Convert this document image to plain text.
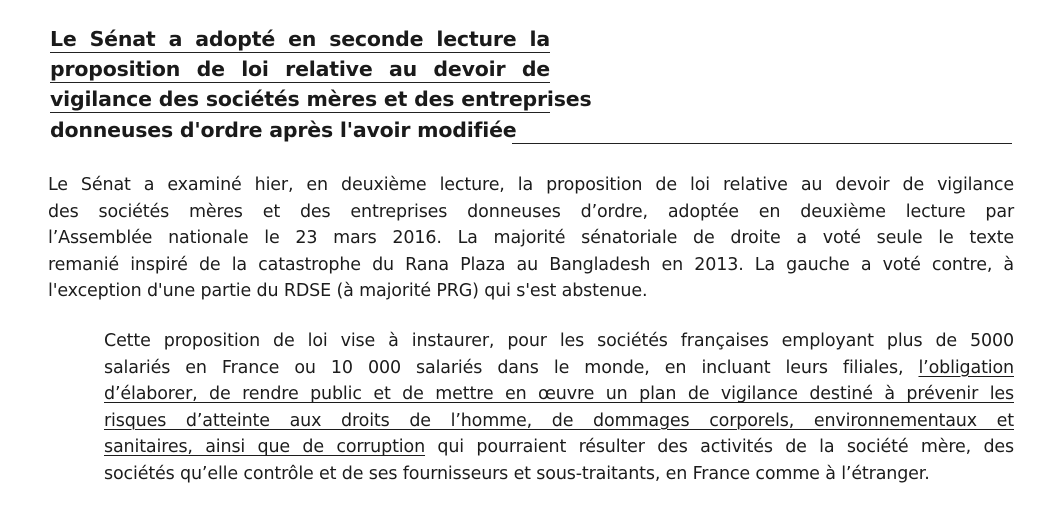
Le Sénat a adopté en seconde lecture la
proposition de loi relative au devoir de
vigilance des sociétés mères et des entreprises
donneuses d'ordre après l'avoir modifiée
Le Sénat a examiné hier, en deuxième lecture, la proposition de loi relative au devoir de vigilance
des sociétés mères et des entreprises donneuses d’ordre, adoptée en deuxième lecture par
l’Assemblée nationale le 23 mars 2016. La majorité sénatoriale de droite a voté seule le texte
remanié inspiré de la catastrophe du Rana Plaza au Bangladesh en 2013. La gauche a voté contre, à
l'exception d'une partie du RDSE (à majorité PRG) qui s'est abstenue.
Cette proposition de loi vise à instaurer, pour les sociétés françaises employant plus de 5000
salariés en France ou 10 000 salariés dans le monde, en incluant leurs filiales, l’obligation
d’élaborer, de rendre public et de mettre en œuvre un plan de vigilance destiné à prévenir les
risques d’atteinte aux droits de l’homme, de dommages corporels, environnementaux et
sanitaires, ainsi que de corruption qui pourraient résulter des activités de la société mère, des
sociétés qu’elle contrôle et de ses fournisseurs et sous-traitants, en France comme à l’étranger.
